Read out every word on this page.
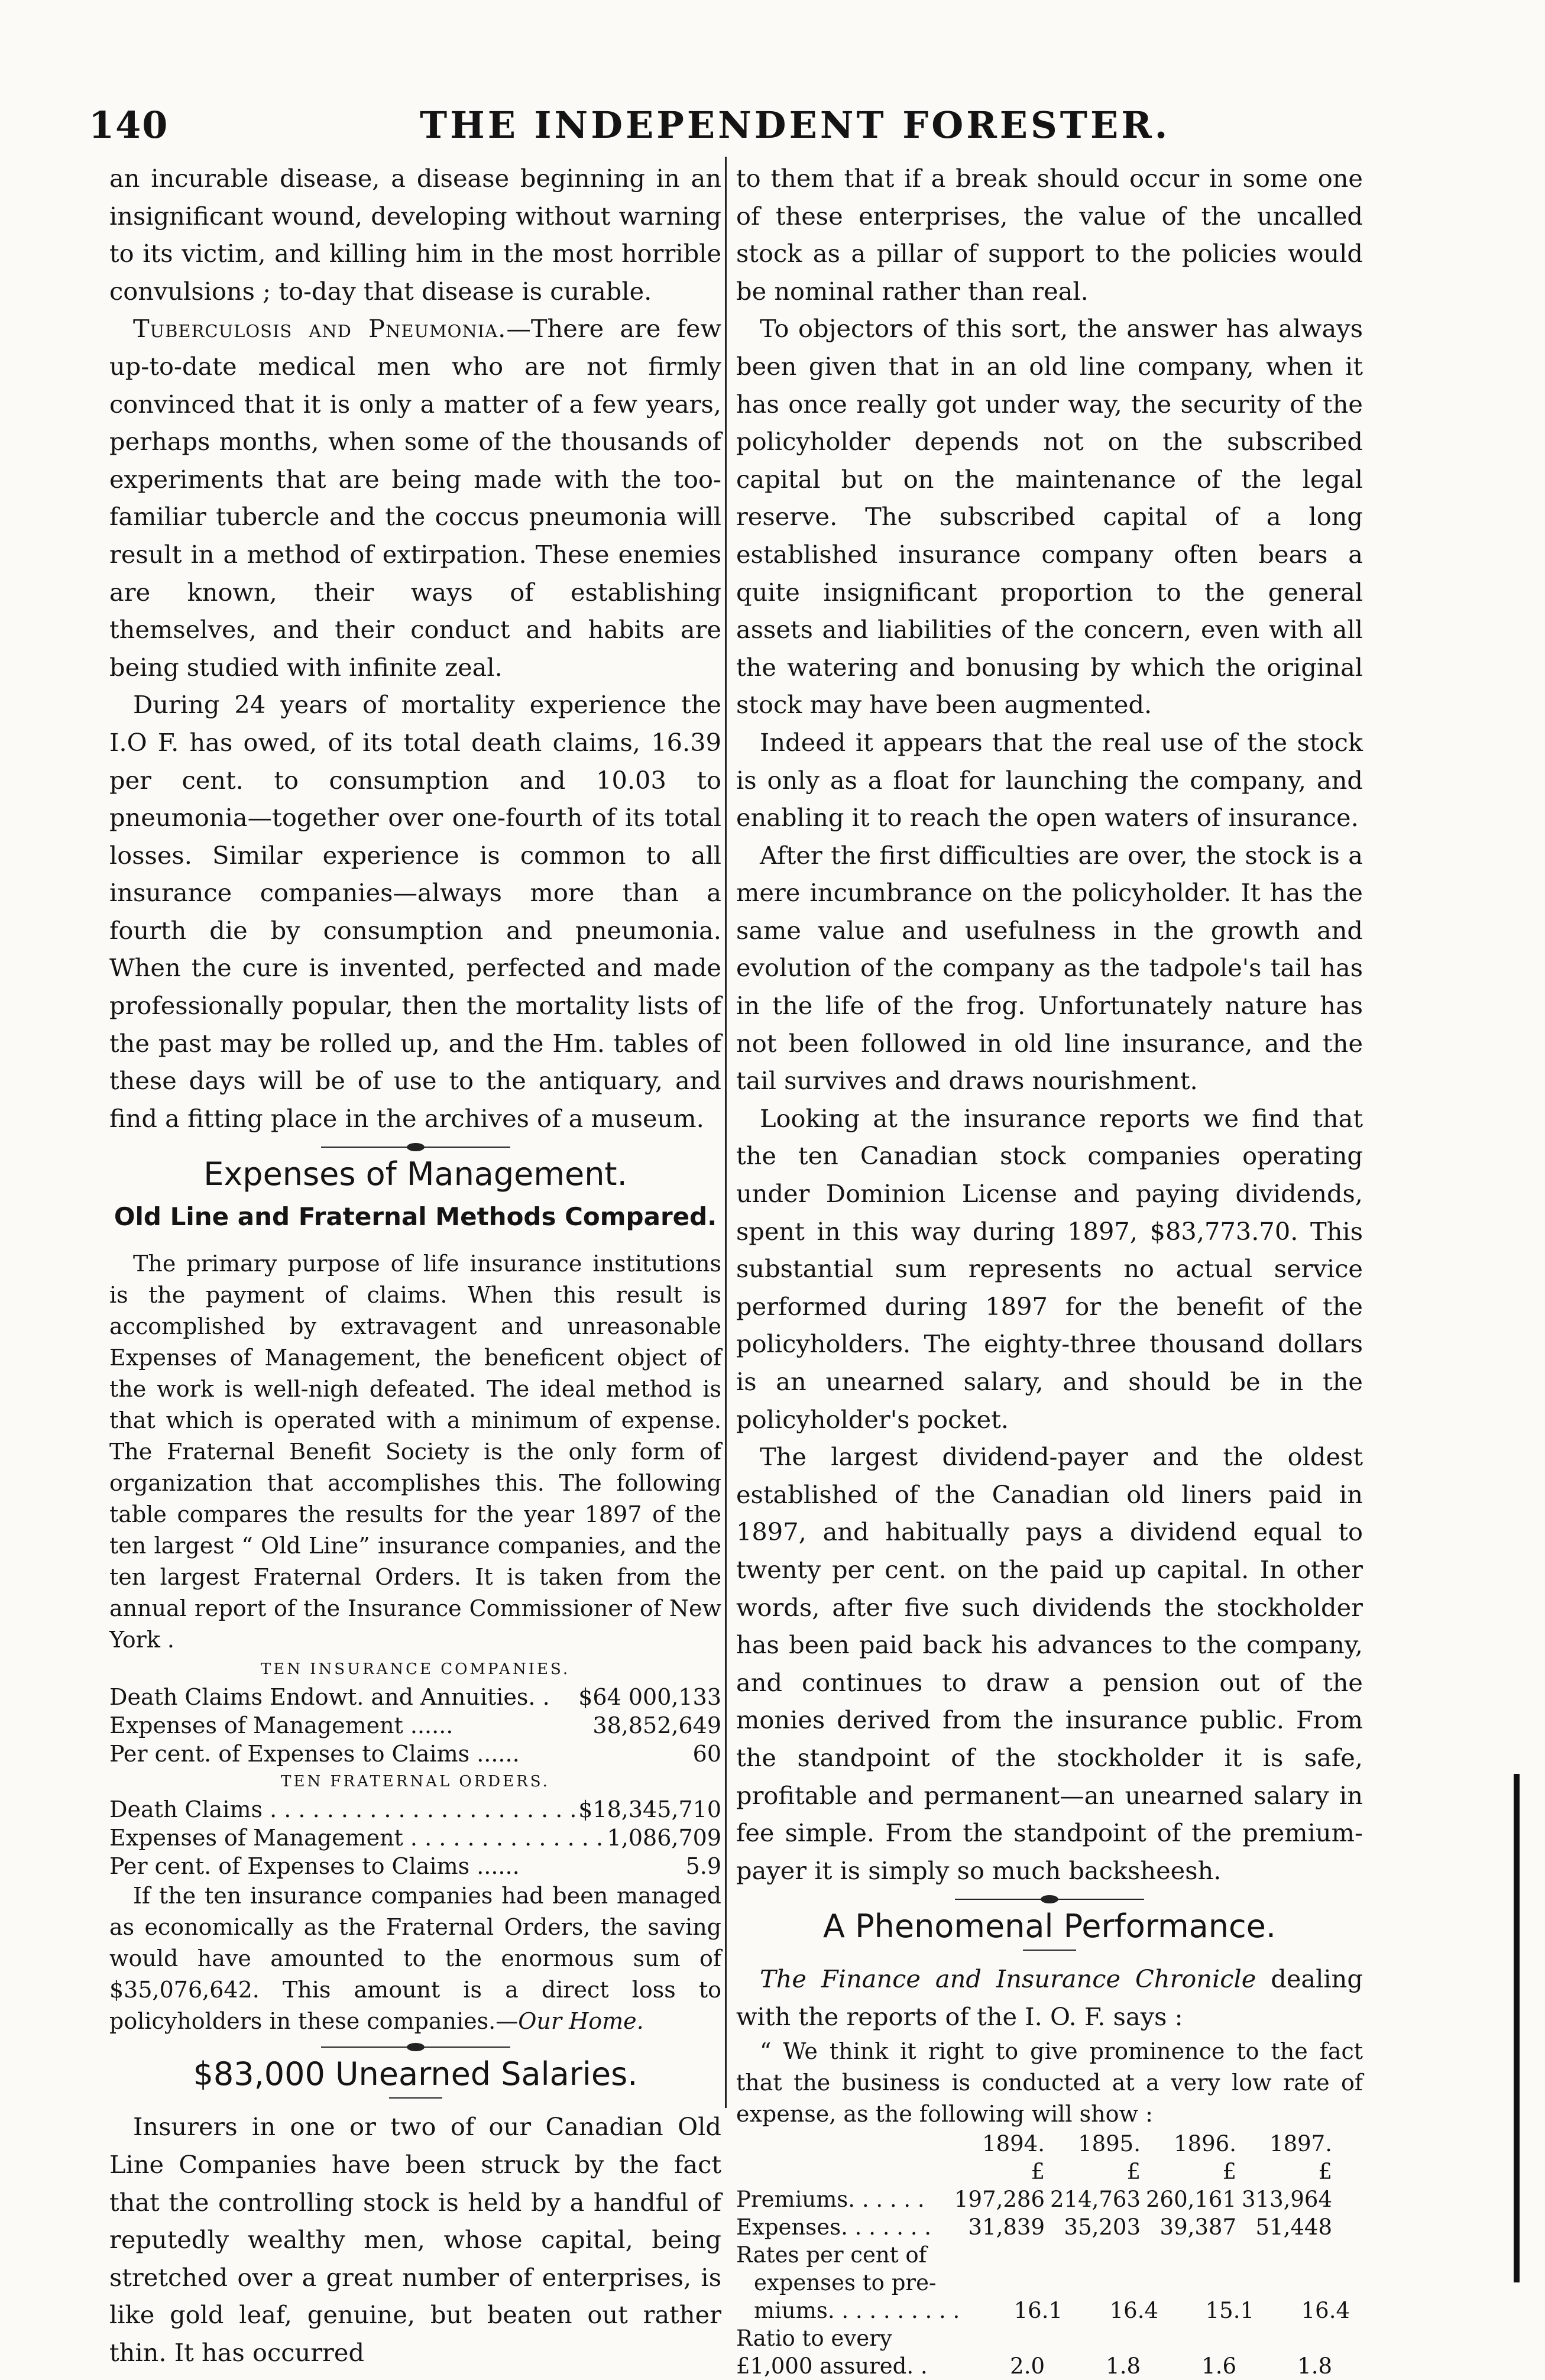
140	THE INDEPENDENT FORESTER.

an incurable disease, a disease beginning in an insignificant wound, developing without warning to its victim, and killing him in the most horrible convulsions ; to-day that disease is curable.

Tuberculosis and Pneumonia.—There are few up-to-date medical men who are not firmly convinced that it is only a matter of a few years, perhaps months, when some of the thousands of experiments that are being made with the too-familiar tubercle and the coccus pneumonia will result in a method of extirpation. These enemies are known, their ways of establishing themselves, and their conduct and habits are being studied with infinite zeal.

During 24 years of mortality experience the I.O F. has owed, of its total death claims, 16.39 per cent. to consumption and 10.03 to pneumonia—together over one-fourth of its total losses. Similar experience is common to all insurance companies—always more than a fourth die by consumption and pneumonia. When the cure is invented, perfected and made professionally popular, then the mortality lists of the past may be rolled up, and the Hm. tables of these days will be of use to the antiquary, and find a fitting place in the archives of a museum.

Expenses of Management.
Old Line and Fraternal Methods Compared.

The primary purpose of life insurance institutions is the payment of claims. When this result is accomplished by extravagent and unreasonable Expenses of Management, the beneficent object of the work is well-nigh defeated. The ideal method is that which is operated with a minimum of expense. The Fraternal Benefit Society is the only form of organization that accomplishes this. The following table compares the results for the year 1897 of the ten largest “ Old Line” insurance companies, and the ten largest Fraternal Orders. It is taken from the annual report of the Insurance Commissioner of New York .

TEN INSURANCE COMPANIES.
Death Claims Endowt. and Annuities. .	$64 000,133
Expenses of Management ......	38,852,649
Per cent. of Expenses to Claims ......	60
TEN FRATERNAL ORDERS.
Death Claims . . .	$18,345,710
Expenses of Management . . .	1,086,709
Per cent. of Expenses to Claims ......	5.9

If the ten insurance companies had been managed as economically as the Fraternal Orders, the saving would have amounted to the enormous sum of $35,076,642. This amount is a direct loss to policyholders in these companies.—Our Home.

$83,000 Unearned Salaries.

Insurers in one or two of our Canadian Old Line Companies have been struck by the fact that the controlling stock is held by a handful of reputedly wealthy men, whose capital, being stretched over a great number of enterprises, is like gold leaf, genuine, but beaten out rather thin. It has occurred

to them that if a break should occur in some one of these enterprises, the value of the uncalled stock as a pillar of support to the policies would be nominal rather than real.

To objectors of this sort, the answer has always been given that in an old line company, when it has once really got under way, the security of the policyholder depends not on the subscribed capital but on the maintenance of the legal reserve. The subscribed capital of a long established insurance company often bears a quite insignificant proportion to the general assets and liabilities of the concern, even with all the watering and bonusing by which the original stock may have been augmented.

Indeed it appears that the real use of the stock is only as a float for launching the company, and enabling it to reach the open waters of insurance.

After the first difficulties are over, the stock is a mere incumbrance on the policyholder. It has the same value and usefulness in the growth and evolution of the company as the tadpole's tail has in the life of the frog. Unfortunately nature has not been followed in old line insurance, and the tail survives and draws nourishment.

Looking at the insurance reports we find that the ten Canadian stock companies operating under Dominion License and paying dividends, spent in this way during 1897, $83,773.70. This substantial sum represents no actual service performed during 1897 for the benefit of the policyholders. The eighty-three thousand dollars is an unearned salary, and should be in the policyholder's pocket.

The largest dividend-payer and the oldest established of the Canadian old liners paid in 1897, and habitually pays a dividend equal to twenty per cent. on the paid up capital. In other words, after five such dividends the stockholder has been paid back his advances to the company, and continues to draw a pension out of the monies derived from the insurance public. From the standpoint of the stockholder it is safe, profitable and permanent—an unearned salary in fee simple. From the standpoint of the premium-payer it is simply so much backsheesh.

A Phenomenal Performance.

The Finance and Insurance Chronicle dealing with the reports of the I. O. F. says :

“ We think it right to give prominence to the fact that the business is conducted at a very low rate of expense, as the following will show :

1894.	1895.	1896.	1897.
£	£	£	£
Premiums. . . . . .	197,286 214,763 260,161 313,964
Expenses. . . . . . .	31,839 35,203 39,387 51,448
Rates per cent of
expenses to pre-
miums. . . . . . . . . .	16.1	16.4	15.1	16.4
Ratio to every
£1,000 assured. .	2.0	1.8	1.6	1.8
